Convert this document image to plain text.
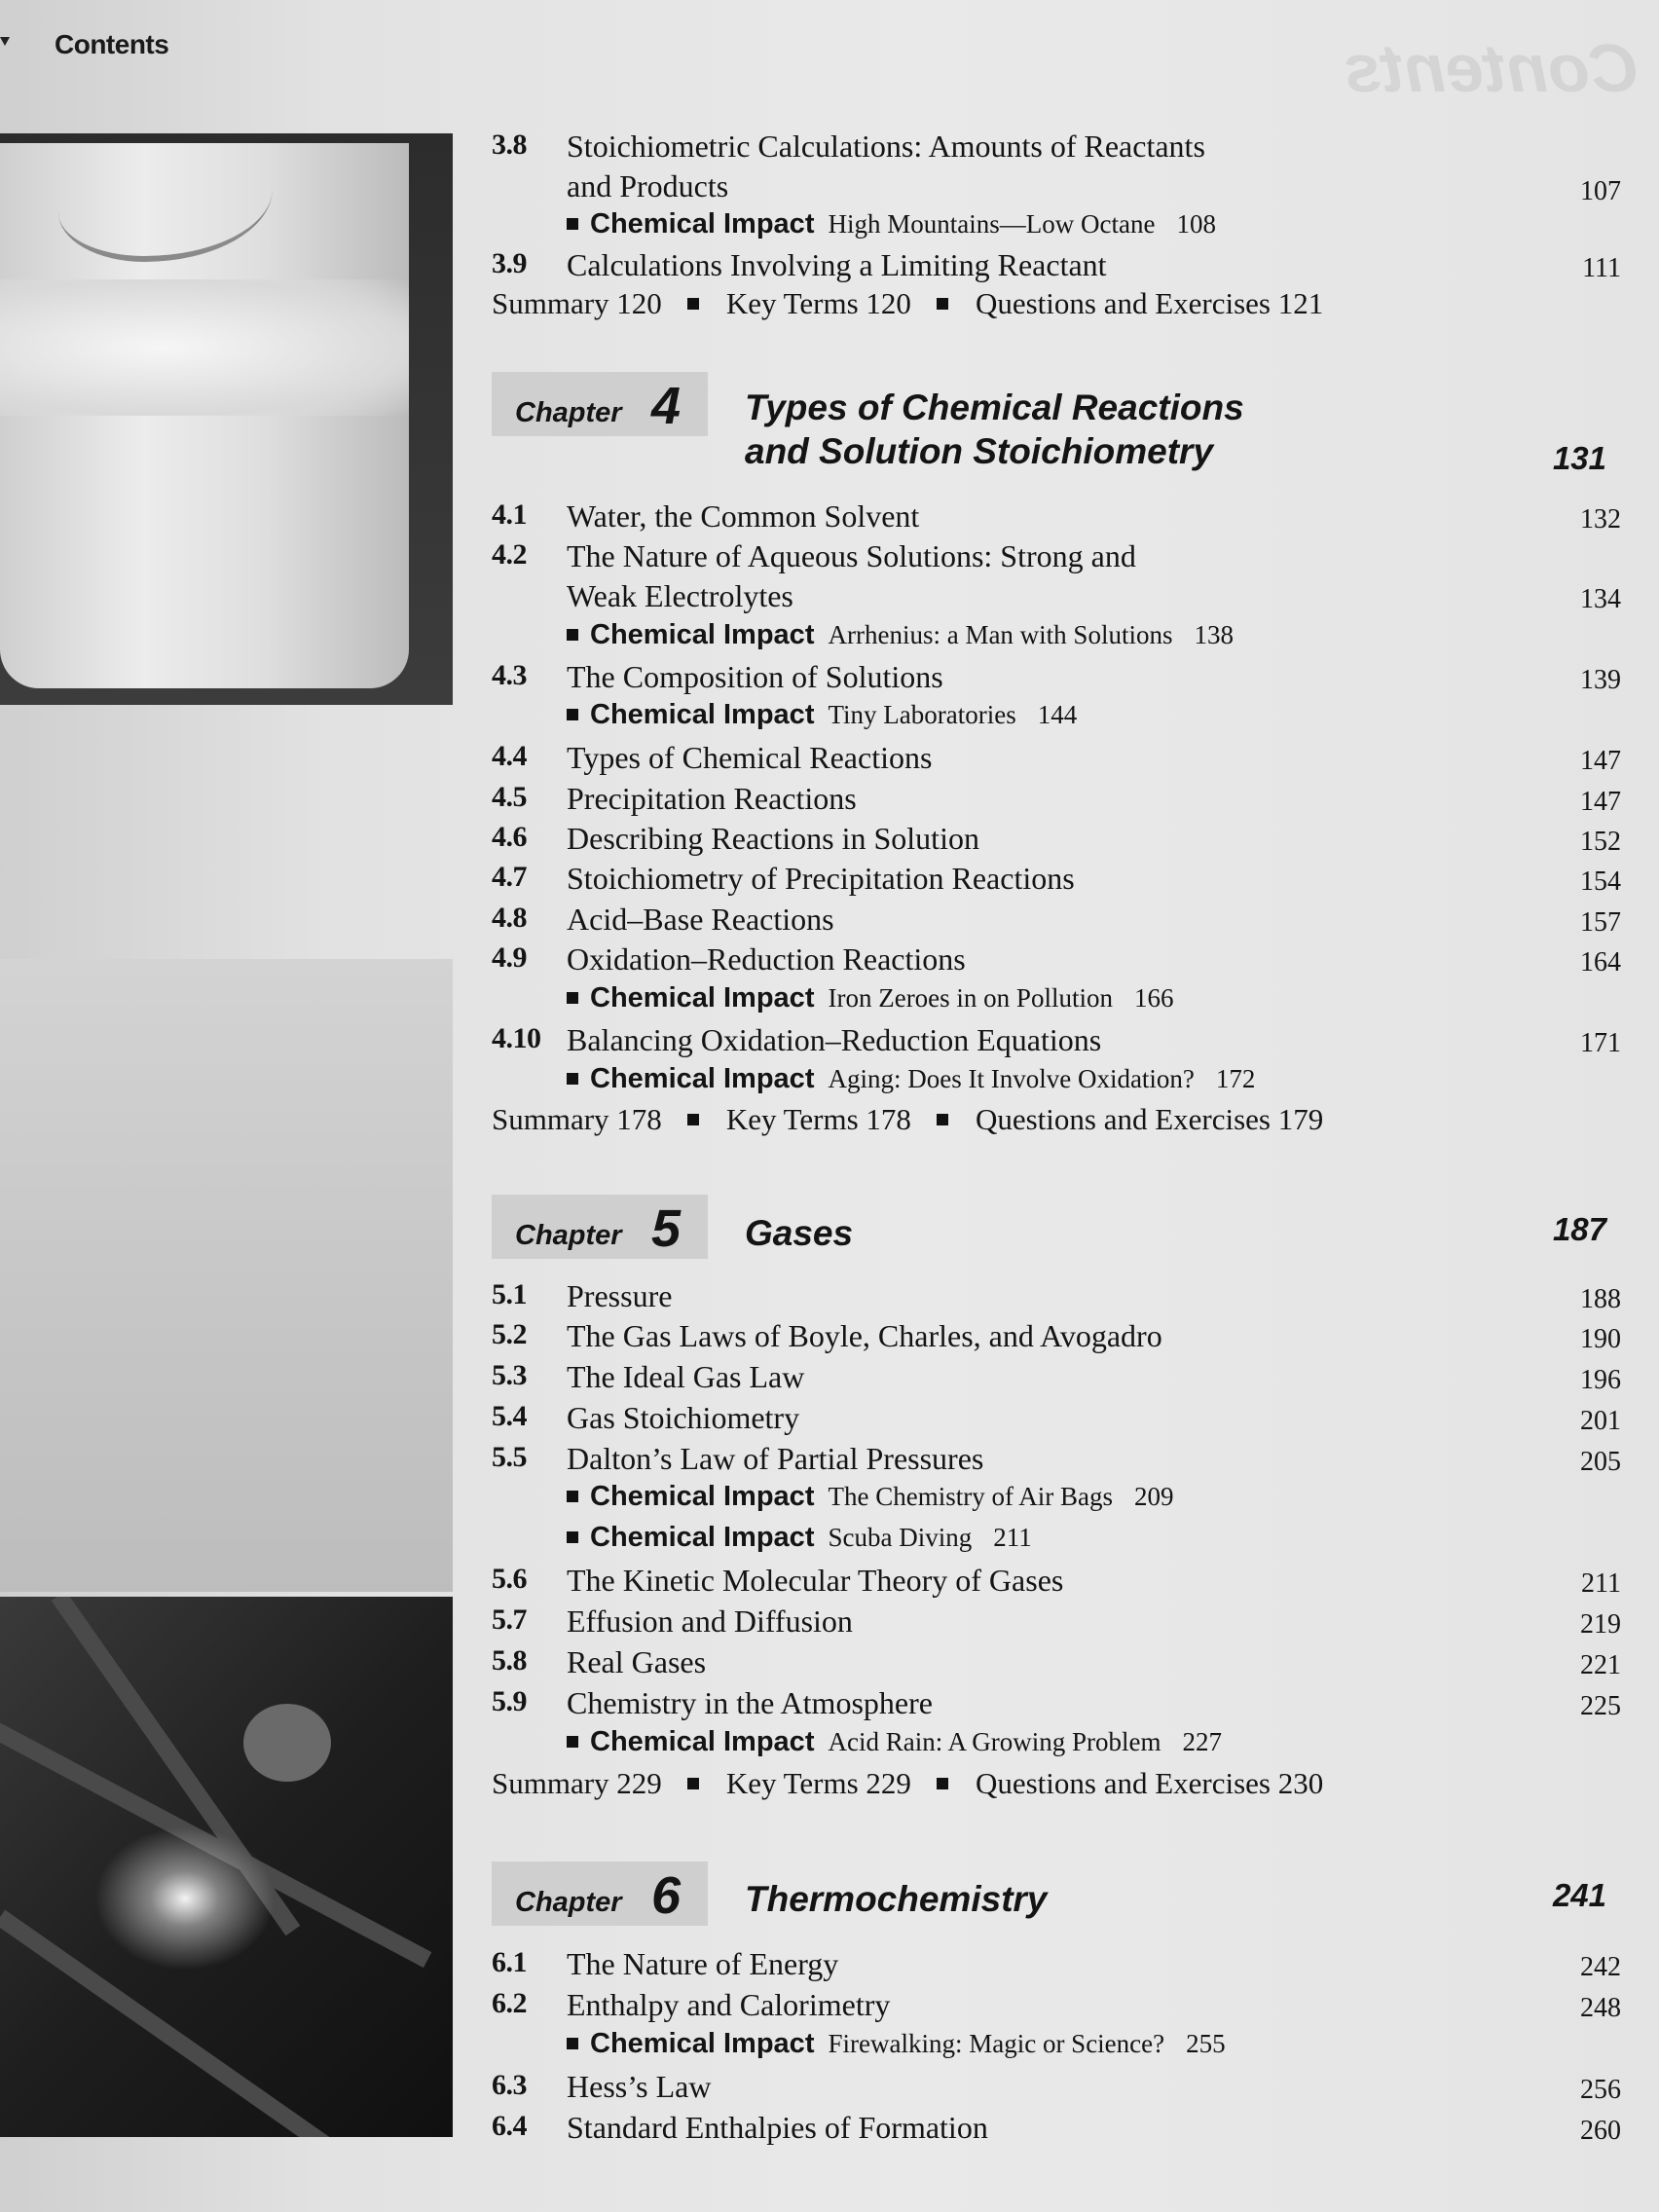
Contents	Contents
3.8 Stoichiometric Calculations: Amounts of Reactants
and Products	107
Chemical Impact High Mountains—Low Octane 108
3.9 Calculations Involving a Limiting Reactant	111
Summary 120 Key Terms 120 Questions and Exercises 121
Chapter 4 Types of Chemical Reactions
and Solution Stoichiometry	131
4.1 Water, the Common Solvent	132
4.2 The Nature of Aqueous Solutions: Strong and
Weak Electrolytes	134
Chemical Impact Arrhenius: a Man with Solutions 138
4.3 The Composition of Solutions	139
Chemical Impact Tiny Laboratories 144
4.4 Types of Chemical Reactions	147
4.5 Precipitation Reactions	147
4.6 Describing Reactions in Solution	152
4.7 Stoichiometry of Precipitation Reactions	154
4.8 Acid–Base Reactions	157
4.9 Oxidation–Reduction Reactions	164
Chemical Impact Iron Zeroes in on Pollution 166
4.10 Balancing Oxidation–Reduction Equations	171
Chemical Impact Aging: Does It Involve Oxidation? 172
Summary 178 Key Terms 178 Questions and Exercises 179
Chapter 5 Gases	187
5.1 Pressure	188
5.2 The Gas Laws of Boyle, Charles, and Avogadro	190
5.3 The Ideal Gas Law	196
5.4 Gas Stoichiometry	201
5.5 Dalton’s Law of Partial Pressures	205
Chemical Impact The Chemistry of Air Bags 209
Chemical Impact Scuba Diving 211
5.6 The Kinetic Molecular Theory of Gases	211
5.7 Effusion and Diffusion	219
5.8 Real Gases	221
5.9 Chemistry in the Atmosphere	225
Chemical Impact Acid Rain: A Growing Problem 227
Summary 229 Key Terms 229 Questions and Exercises 230
Chapter 6 Thermochemistry	241
6.1 The Nature of Energy	242
6.2 Enthalpy and Calorimetry	248
Chemical Impact Firewalking: Magic or Science? 255
6.3 Hess’s Law	256
6.4 Standard Enthalpies of Formation	260
